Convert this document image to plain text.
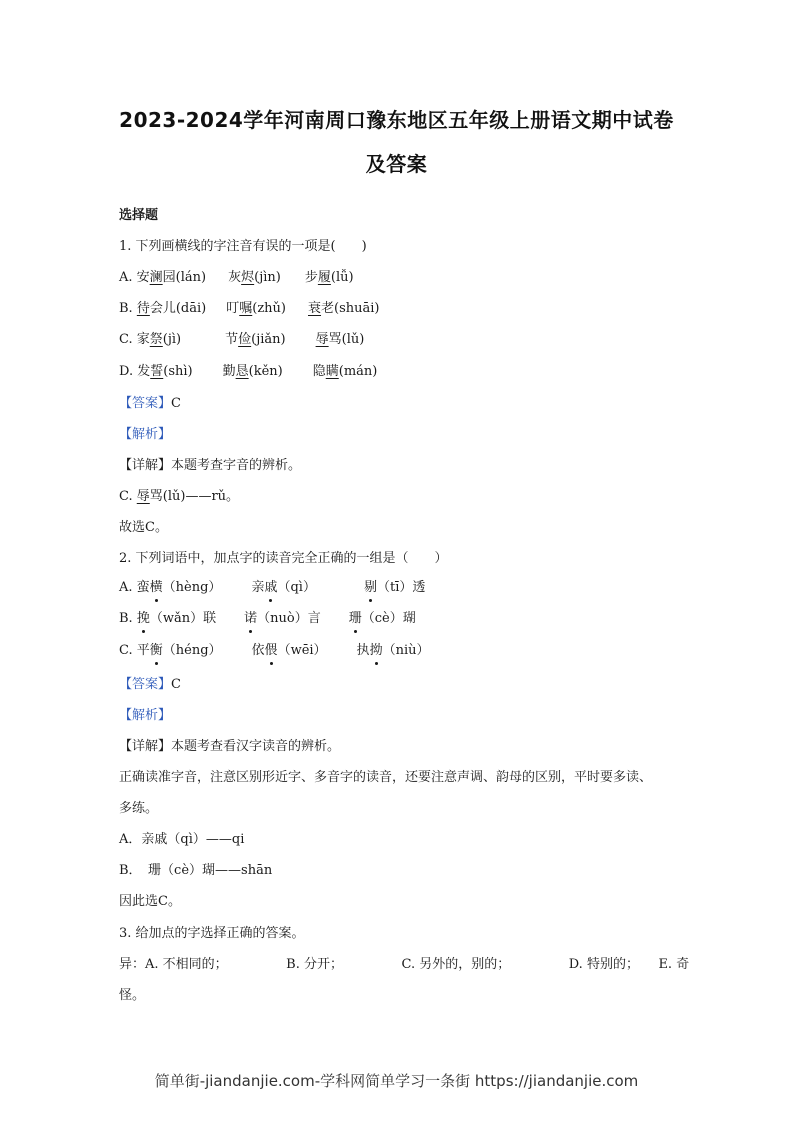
2023-2024学年河南周口豫东地区五年级上册语文期中试卷
及答案
选择题
1. 下列画横线的字注音有误的一项是(　　)
A. 安澜园(lán) 灰烬(jìn) 步履(lǚ)
B. 待会儿(dāi) 叮嘱(zhǔ) 衰老(shuāi)
C. 家祭(jì)	节俭(jiǎn) 辱骂(lǔ)
D. 发誓(shì) 勤恳(kěn) 隐瞒(mán)
【答案】C
【解析】
【详解】本题考查字音的辨析。
C. 辱骂(lǔ)——rǔ。
故选C。
2. 下列词语中，加点字的读音完全正确的一组是（　　）
A. 蛮横（hèng） 亲戚（qì）	剔（tī）透
B. 挽（wǎn）联 诺（nuò）言 珊（cè）瑚
C. 平衡（héng） 依偎（wēi） 执拗（niù）
【答案】C
【解析】
【详解】本题考查看汉字读音的辨析。
正确读准字音，注意区别形近字、多音字的读音，还要注意声调、韵母的区别，平时要多读、
多练。
A．亲戚（qì）——qi
B．　珊（cè）瑚——shān
因此选C。
3. 给加点的字选择正确的答案。
异：A. 不相同的；　　　　　B. 分开；　　　　　C. 另外的，别的；　　　　　D. 特别的；　　E. 奇
怪。
简单街-jiandanjie.com-学科网简单学习一条街 https://jiandanjie.com
